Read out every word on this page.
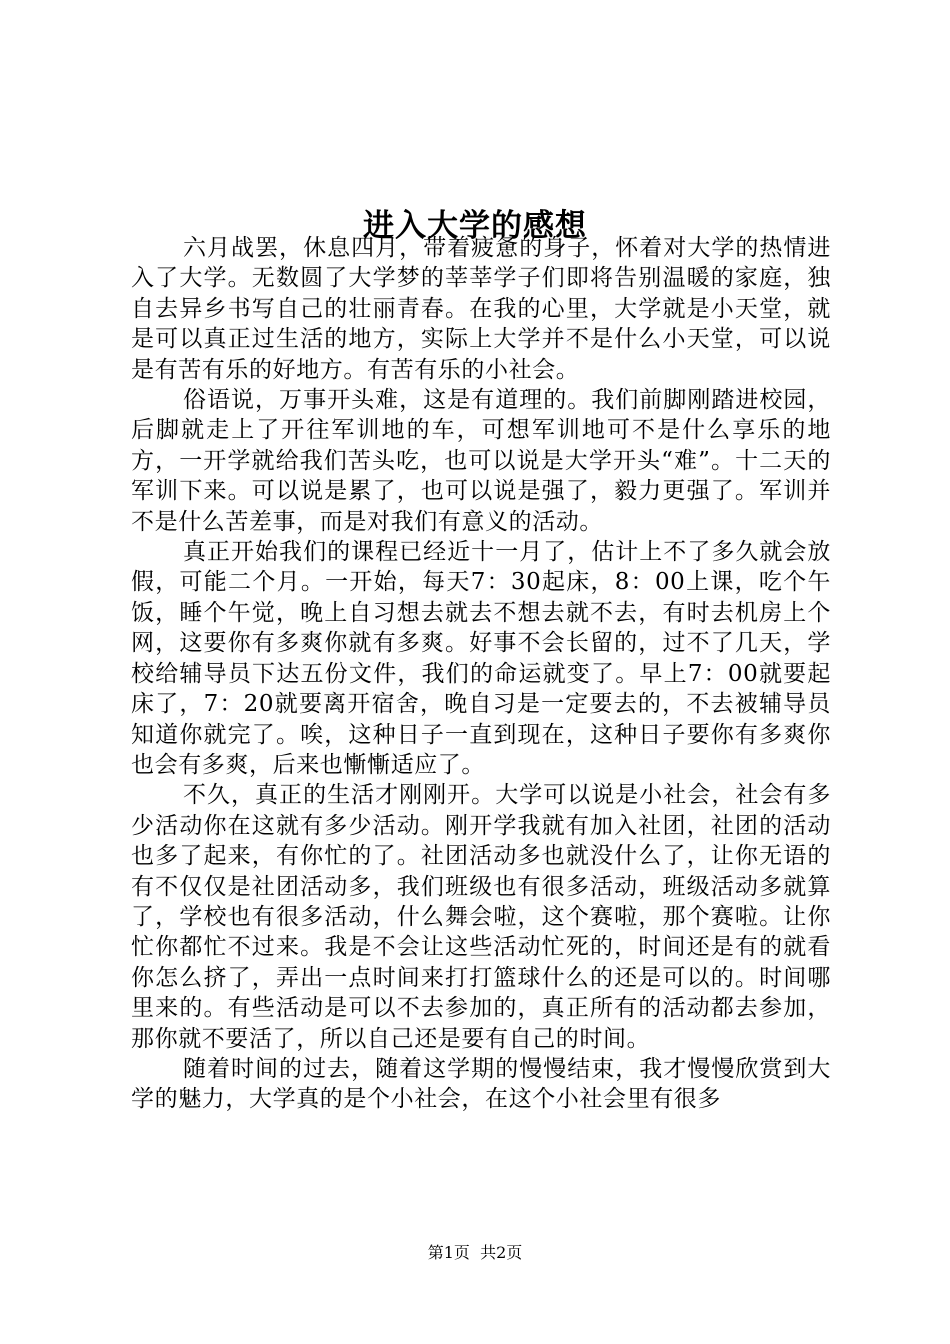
进入大学的感想

六月战罢，休息四月，带着疲惫的身子，怀着对大学的热情进入了大学。无数圆了大学梦的莘莘学子们即将告别温暖的家庭，独自去异乡书写自己的壮丽青春。在我的心里，大学就是小天堂，就是可以真正过生活的地方，实际上大学并不是什么小天堂，可以说是有苦有乐的好地方。有苦有乐的小社会。

俗语说，万事开头难，这是有道理的。我们前脚刚踏进校园，后脚就走上了开往军训地的车，可想军训地可不是什么享乐的地方，一开学就给我们苦头吃，也可以说是大学开头“难”。十二天的军训下来。可以说是累了，也可以说是强了，毅力更强了。军训并不是什么苦差事，而是对我们有意义的活动。

真正开始我们的课程已经近十一月了，估计上不了多久就会放假，可能二个月。一开始，每天7：30起床，8：00上课，吃个午饭，睡个午觉，晚上自习想去就去不想去就不去，有时去机房上个网，这要你有多爽你就有多爽。好事不会长留的，过不了几天，学校给辅导员下达五份文件，我们的命运就变了。早上7：00就要起床了，7：20就要离开宿舍，晚自习是一定要去的，不去被辅导员知道你就完了。唉，这种日子一直到现在，这种日子要你有多爽你也会有多爽，后来也慚慚适应了。

不久，真正的生活才刚刚开。大学可以说是小社会，社会有多少活动你在这就有多少活动。刚开学我就有加入社团，社团的活动也多了起来，有你忙的了。社团活动多也就没什么了，让你无语的有不仅仅是社团活动多，我们班级也有很多活动，班级活动多就算了，学校也有很多活动，什么舞会啦，这个赛啦，那个赛啦。让你忙你都忙不过来。我是不会让这些活动忙死的，时间还是有的就看你怎么挤了，弄出一点时间来打打篮球什么的还是可以的。时间哪里来的。有些活动是可以不去参加的，真正所有的活动都去参加，那你就不要活了，所以自己还是要有自己的时间。

随着时间的过去，随着这学期的慢慢结束，我才慢慢欣赏到大学的魅力，大学真的是个小社会，在这个小社会里有很多

第1页  共2页
